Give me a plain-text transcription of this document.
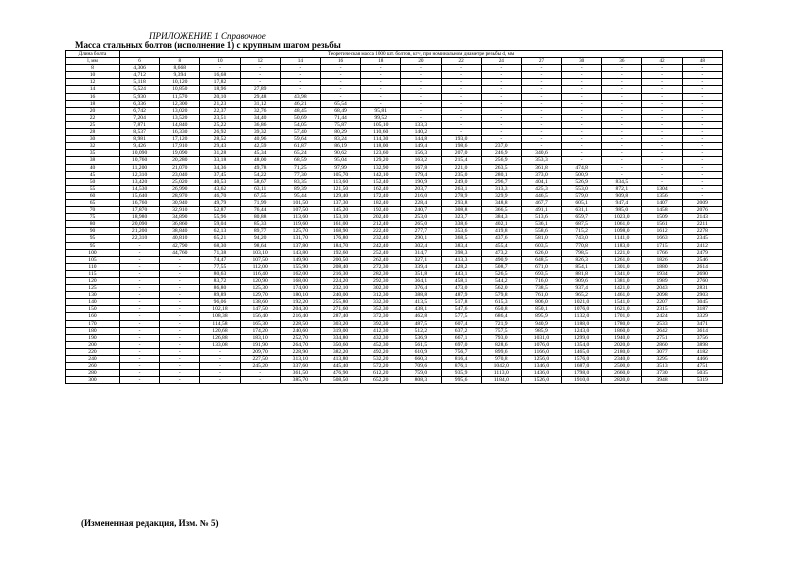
ПРИЛОЖЕНИЕ 1 Справочное
Масса стальных болтов (исполнение 1) с крупным шагом резьбы
Длина болта	Теоретическая масса 1000 шт. болтов, кг≈, при номинальном диаметре резьбы d, мм														
l, мм	6	8	10	12	14	16	18	20	22	24	27	30	36	42	48
8	4,306	8,668	-	-	-	-	-	-	-	-	-	-	-	-	-
10	4,712	9,394	16,68	-	-	-	-	-	-	-	-	-	-	-	-
12	5,118	10,120	17,82	-	-	-	-	-	-	-	-	-	-	-	-
14	5,524	10,850	18,96	27,89	-	-	-	-	-	-	-	-	-	-	-
16	5,930	11,570	20,10	29,48	43,98	-	-	-	-	-	-	-	-	-	-
18	6,336	12,300	21,23	31,12	46,21	65,54	-	-	-	-	-	-	-	-	-
20	6,742	13,020	22,37	32,76	48,45	68,49	95,81	-	-	-	-	-	-	-	-
22	7,204	13,520	23,51	34,40	50,69	71,44	99,52	-	-	-	-	-	-	-	-
25	7,871	14,840	25,22	36,86	54,05	75,87	105,10	133,3	-	-	-	-	-	-	-
28	8,537	16,330	26,92	39,32	57,40	80,29	110,60	140,2	-	-	-	-	-	-	-
30	8,981	17,120	28,52	40,96	59,64	83,24	114,30	144,8	193,0	-	-	-	-	-	-
32	9,426	17,910	29,43	42,59	61,87	86,19	118,00	149,4	198,6	237,0	-	-	-	-	-
35	10,090	19,090	31,28	45,34	65,24	90,62	123,60	156,3	207,0	246,9	340,6	-	-	-	-
38	10,760	20,280	33,18	48,00	68,59	95,04	129,20	163,2	215,4	256,9	353,3	-	-	-	-
40	11,200	21,070	34,36	49,78	71,25	97,99	132,90	167,8	221,0	263,5	361,8	474,8	-	-	-
45	12,310	23,040	37,45	54,22	77,30	105,70	142,10	179,4	235,0	280,1	373,0	500,9	-	-	-
50	13,420	25,020	40,53	58,67	83,35	113,60	152,40	190,9	249,0	296,7	404,1	526,9	834,5	-	-
55	14,530	26,990	43,62	63,11	89,39	121,50	162,40	203,7	263,1	313,3	425,3	553,0	872,1	1304	-
60	15,640	28,970	46,70	67,55	95,44	129,40	172,40	216,0	278,9	329,9	446,5	579,0	909,8	1356	-
65	16,760	30,940	49,79	71,99	101,50	137,30	182,40	228,4	293,8	348,8	467,7	605,1	947,4	1407	2009
70	17,870	32,910	52,87	76,44	107,50	145,20	192,40	240,7	308,8	366,5	491,1	631,1	985,0	1458	2076
75	18,980	34,890	55,96	80,88	113,60	153,10	202,40	253,0	323,7	384,3	513,6	659,7	1023,0	1509	2143
80	20,090	36,860	59,04	85,33	119,60	161,00	212,40	265,0	338,6	402,1	536,1	687,5	1061,0	1561	2211
90	21,200	38,840	62,13	89,77	125,70	168,90	222,40	277,7	353,6	419,8	558,6	715,2	1098,0	1612	2278
95	22,310	40,810	65,21	94,20	131,70	176,80	232,40	290,1	368,5	437,6	581,0	743,0	1141,0	1663	2345
95	-	42,790	68,30	98,64	137,80	184,70	242,40	302,4	383,4	455,4	603,5	770,8	1183,0	1715	2412
100	-	44,760	71,38	103,10	143,80	192,60	252,40	314,7	398,3	473,2	626,0	798,5	1221,0	1766	2479
105	-	-	74,47	107,50	149,90	200,50	262,40	327,1	413,3	490,9	648,5	826,3	1261,0	1826	2546
110	-	-	77,55	112,00	155,90	208,40	272,30	339,4	428,2	508,7	671,0	854,1	1301,0	1880	2614
115	-	-	80,63	116,40	162,00	216,30	282,30	351,8	443,1	526,5	693,5	881,8	1341,0	1934	2690
120	-	-	83,72	120,90	168,00	224,20	292,30	364,1	458,1	544,2	716,0	909,6	1381,0	1989	2760
125	-	-	86,80	125,30	174,00	232,10	302,30	376,4	473,0	562,0	738,5	937,4	1421,0	2043	2831
130	-	-	89,89	129,70	180,10	240,00	312,30	388,8	487,9	579,8	761,0	965,2	1461,0	2098	2903
140	-	-	96,06	138,60	192,20	255,80	332,30	413,5	517,8	615,3	806,0	1021,0	1541,0	2207	3045
150	-	-	102,18	147,50	204,30	271,60	352,30	438,1	547,6	650,8	850,1	1076,0	1621,0	2315	3187
160	-	-	108,38	156,40	216,40	287,40	372,30	462,8	577,5	686,4	895,9	1132,0	1701,0	2424	3329
170	-	-	114,58	165,30	228,50	303,20	392,30	487,5	607,4	721,9	940,9	1188,0	1780,0	2533	3471
180	-	-	120,68	174,20	240,60	319,00	412,30	512,2	637,2	757,5	985,9	1243,0	1860,0	2642	3614
190	-	-	126,88	183,10	252,70	334,80	432,30	536,9	667,1	793,0	1031,0	1299,0	1940,0	2751	3756
200	-	-	133,08	191,90	264,70	350,60	452,30	561,5	697,0	828,6	1076,0	1354,0	2020,0	2860	3898
220	-	-	-	209,70	228,90	382,20	492,20	610,9	756,7	899,6	1166,0	1465,0	2180,0	3077	4182
240	-	-	-	227,50	313,10	413,80	532,20	660,3	816,4	970,8	1256,0	1576,0	2340,0	3295	4466
260	-	-	-	245,20	337,60	445,40	572,20	709,6	876,1	1042,0	1346,0	1687,0	2500,0	3513	4751
280	-	-	-	-	361,50	476,90	612,20	759,0	935,9	1113,0	1436,0	1798,0	2660,0	3730	5035
300	-	-	-	-	385,70	508,50	652,20	808,3	995,6	1184,0	1526,0	1910,0	2820,0	3948	5319
(Измененная редакция, Изм. № 5)
